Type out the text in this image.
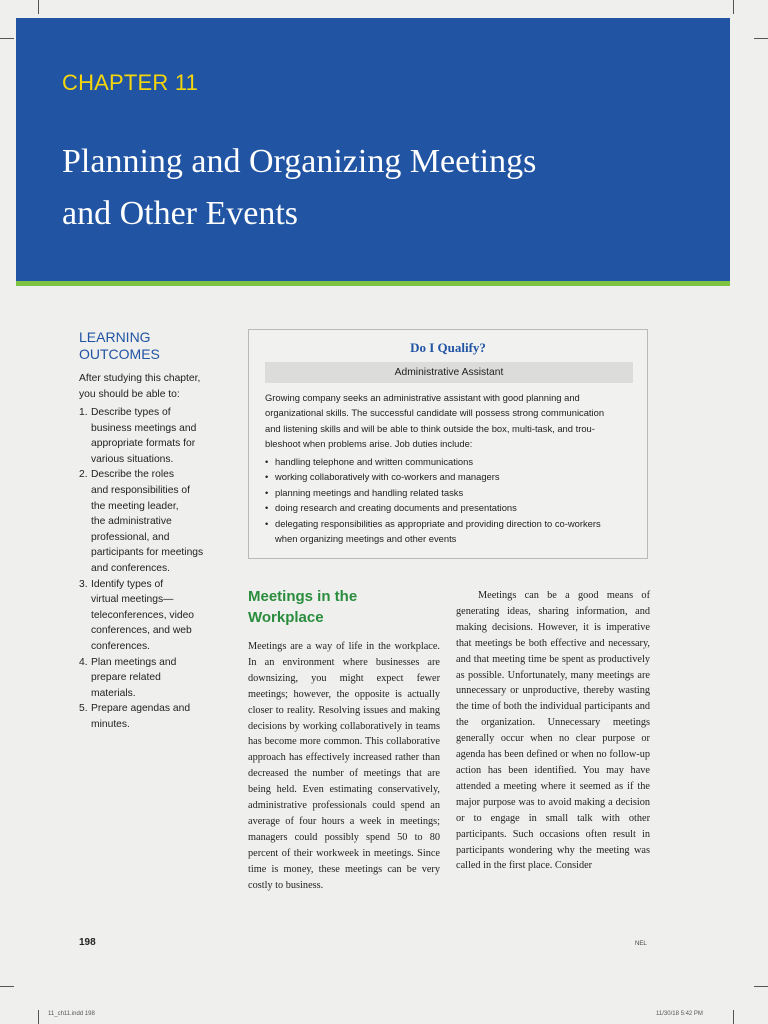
CHAPTER 11

Planning and Organizing Meetings
and Other Events
LEARNING
OUTCOMES

After studying this chapter,
you should be able to:

1. Describe types of
business meetings and
appropriate formats for
various situations.
2. Describe the roles
and responsibilities of
the meeting leader,
the administrative
professional, and
participants for meetings
and conferences.
3. Identify types of
virtual meetings—
teleconferences, video
conferences, and web
conferences.
4. Plan meetings and
prepare related
materials.
5. Prepare agendas and
minutes.

Do I Qualify?

Administrative Assistant

Growing company seeks an administrative assistant with good planning and
organizational skills. The successful candidate will possess strong communication
and listening skills and will be able to think outside the box, multi-task, and trou-
bleshoot when problems arise. Job duties include:

• handling telephone and written communications
• working collaboratively with co-workers and managers
• planning meetings and handling related tasks
• doing research and creating documents and presentations
• delegating responsibilities as appropriate and providing direction to co-workers
when organizing meetings and other events
Meetings in the
Workplace

Meetings are a way of life in the workplace. In an environment where businesses are downsizing, you might expect fewer meetings; however, the opposite is actually closer to reality. Resolving issues and making decisions by working collaboratively in teams has become more common. This collaborative approach has effectively increased rather than decreased the number of meetings that are being held. Even estimating conservatively, administrative professionals could spend an average of four hours a week in meetings; managers could possibly spend 50 to 80 percent of their workweek in meetings. Since time is money, these meetings can be very costly to business.

Meetings can be a good means of generating ideas, sharing information, and making decisions. However, it is imperative that meetings be both effective and necessary, and that meeting time be spent as productively as possible. Unfortunately, many meetings are unnecessary or unproductive, thereby wasting the time of both the individual participants and the organization. Unnecessary meetings generally occur when no clear purpose or agenda has been defined or when no follow-up action has been identified. You may have attended a meeting where it seemed as if the major purpose was to avoid making a decision or to engage in small talk with other participants. Such occasions often result in participants wondering why the meeting was called in the first place. Consider

198	NEL

11_ch11.indd 198	11/30/18 5:42 PM
